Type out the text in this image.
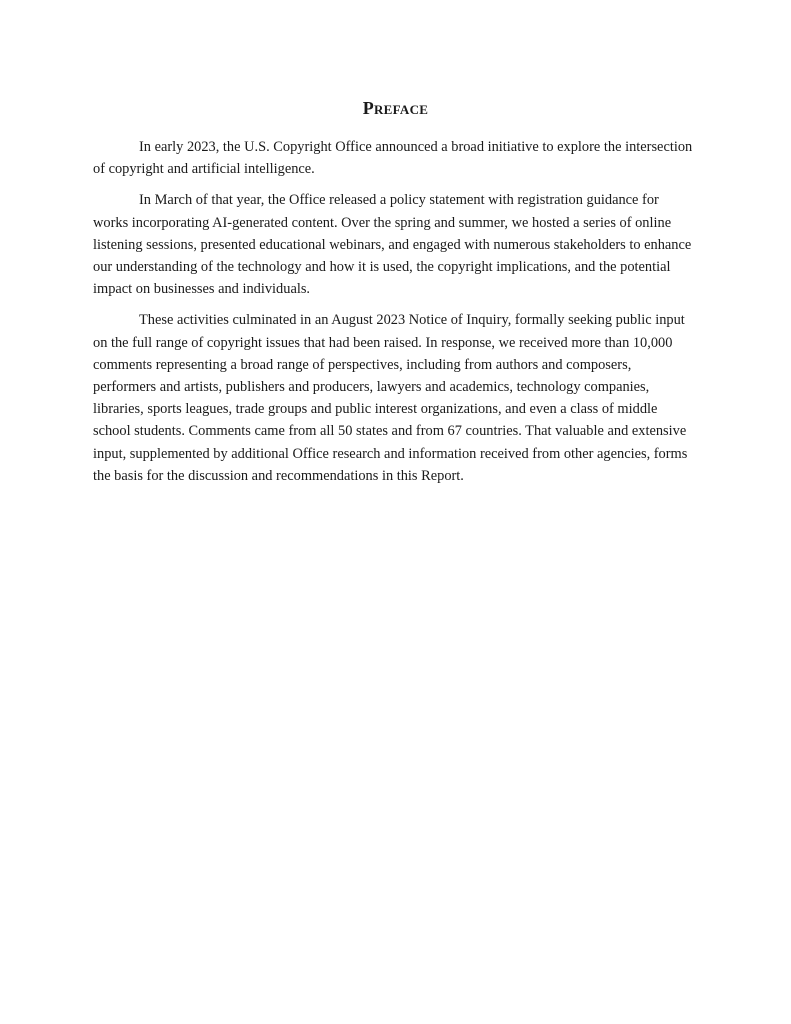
Preface

In early 2023, the U.S. Copyright Office announced a broad initiative to explore the intersection of copyright and artificial intelligence.

In March of that year, the Office released a policy statement with registration guidance for works incorporating AI-generated content. Over the spring and summer, we hosted a series of online listening sessions, presented educational webinars, and engaged with numerous stakeholders to enhance our understanding of the technology and how it is used, the copyright implications, and the potential impact on businesses and individuals.

These activities culminated in an August 2023 Notice of Inquiry, formally seeking public input on the full range of copyright issues that had been raised. In response, we received more than 10,000 comments representing a broad range of perspectives, including from authors and composers, performers and artists, publishers and producers, lawyers and academics, technology companies, libraries, sports leagues, trade groups and public interest organizations, and even a class of middle school students. Comments came from all 50 states and from 67 countries. That valuable and extensive input, supplemented by additional Office research and information received from other agencies, forms the basis for the discussion and recommendations in this Report.
